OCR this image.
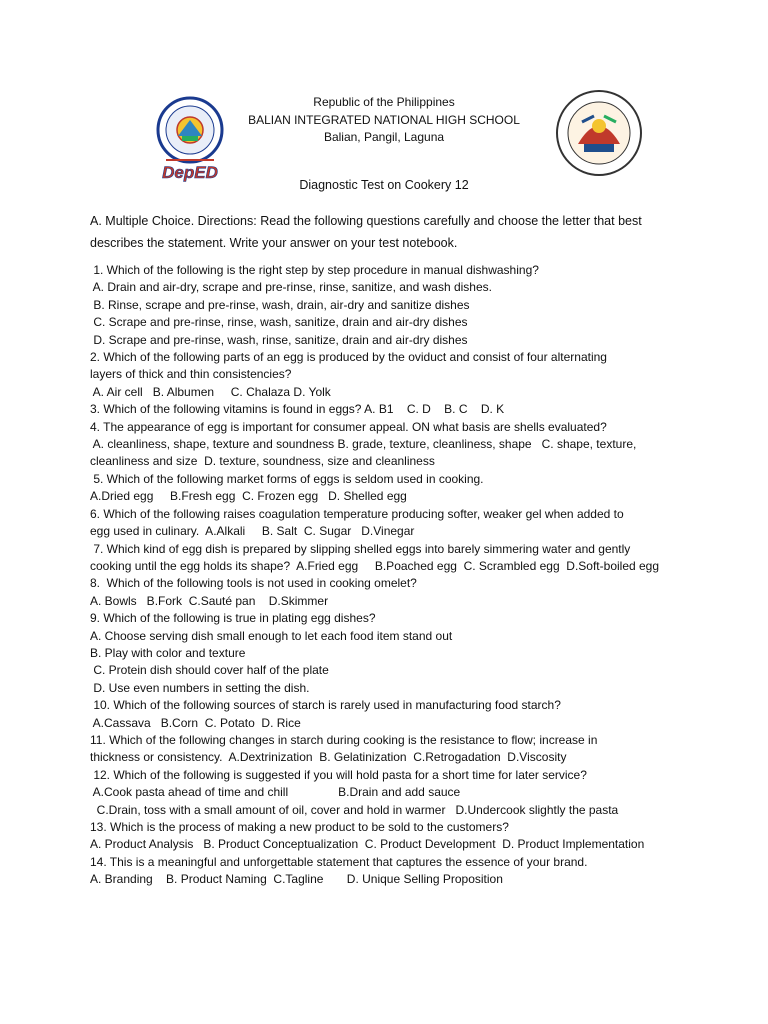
DepED
Republic of the Philippines
BALIAN INTEGRATED NATIONAL HIGH SCHOOL
Balian, Pangil, Laguna
Diagnostic Test on Cookery 12
A. Multiple Choice. Directions: Read the following questions carefully and choose the letter that best describes the statement. Write your answer on your test notebook.
1. Which of the following is the right step by step procedure in manual dishwashing?
A. Drain and air-dry, scrape and pre-rinse, rinse, sanitize, and wash dishes.
B. Rinse, scrape and pre-rinse, wash, drain, air-dry and sanitize dishes
C. Scrape and pre-rinse, rinse, wash, sanitize, drain and air-dry dishes
D. Scrape and pre-rinse, wash, rinse, sanitize, drain and air-dry dishes
2. Which of the following parts of an egg is produced by the oviduct and consist of four alternating
layers of thick and thin consistencies?
A. Air cell   B. Albumen     C. Chalaza D. Yolk
3. Which of the following vitamins is found in eggs? A. B1    C. D    B. C    D. K
4. The appearance of egg is important for consumer appeal. ON what basis are shells evaluated?
A. cleanliness, shape, texture and soundness B. grade, texture, cleanliness, shape   C. shape, texture,
cleanliness and size  D. texture, soundness, size and cleanliness
5. Which of the following market forms of eggs is seldom used in cooking.
A.Dried egg     B.Fresh egg  C. Frozen egg   D. Shelled egg
6. Which of the following raises coagulation temperature producing softer, weaker gel when added to
egg used in culinary.  A.Alkali     B. Salt  C. Sugar   D.Vinegar
7. Which kind of egg dish is prepared by slipping shelled eggs into barely simmering water and gently
cooking until the egg holds its shape?  A.Fried egg     B.Poached egg  C. Scrambled egg  D.Soft-boiled egg
8.  Which of the following tools is not used in cooking omelet?
A. Bowls   B.Fork  C.Sauté pan    D.Skimmer
9. Which of the following is true in plating egg dishes?
A. Choose serving dish small enough to let each food item stand out
B. Play with color and texture
C. Protein dish should cover half of the plate
D. Use even numbers in setting the dish.
10. Which of the following sources of starch is rarely used in manufacturing food starch?
A.Cassava   B.Corn  C. Potato  D. Rice
11. Which of the following changes in starch during cooking is the resistance to flow; increase in
thickness or consistency.  A.Dextrinization  B. Gelatinization  C.Retrogadation  D.Viscosity
12. Which of the following is suggested if you will hold pasta for a short time for later service?
A.Cook pasta ahead of time and chill               B.Drain and add sauce
C.Drain, toss with a small amount of oil, cover and hold in warmer   D.Undercook slightly the pasta
13. Which is the process of making a new product to be sold to the customers?
A. Product Analysis   B. Product Conceptualization  C. Product Development  D. Product Implementation
14. This is a meaningful and unforgettable statement that captures the essence of your brand.
A. Branding    B. Product Naming  C.Tagline       D. Unique Selling Proposition
